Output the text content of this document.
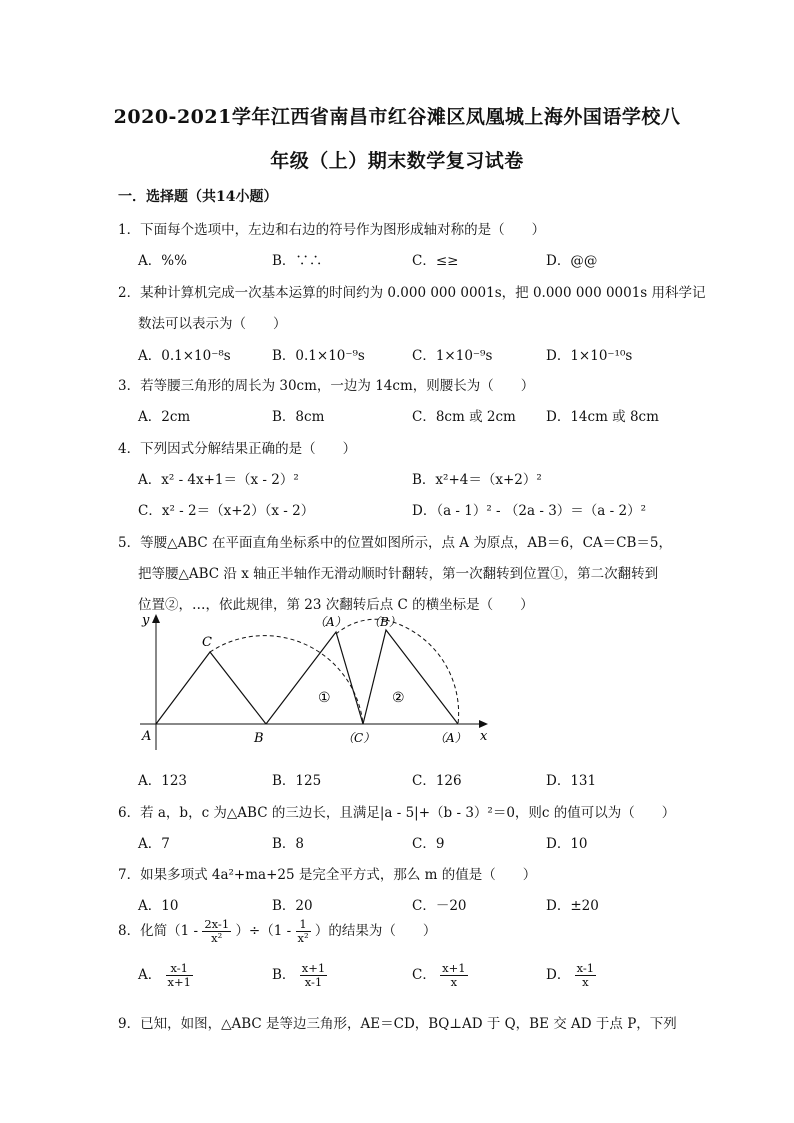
2020-2021学年江西省南昌市红谷滩区凤凰城上海外国语学校八
年级（上）期末数学复习试卷
一．选择题（共14小题）
1．下面每个选项中，左边和右边的符号作为图形成轴对称的是（　　）
A．%%	B．∵∴	C．≤≥	D．@@
2．某种计算机完成一次基本运算的时间约为 0.000 000 0001s，把 0.000 000 0001s 用科学记
数法可以表示为（　　）
A．0.1×10⁻⁸s	B．0.1×10⁻⁹s	C．1×10⁻⁹s	D．1×10⁻¹⁰s
3．若等腰三角形的周长为 30cm，一边为 14cm，则腰长为（　　）
A．2cm	B．8cm	C．8cm 或 2cm D．14cm 或 8cm
4．下列因式分解结果正确的是（　　）
A．x² - 4x+1＝（x - 2）²	B．x²+4＝（x+2）²
C．x² - 2＝（x+2）（x - 2）	D．（a - 1）² - （2a - 3）＝（a - 2）²
5．等腰△ABC 在平面直角坐标系中的位置如图所示，点 A 为原点，AB＝6，CA＝CB＝5，
把等腰△ABC 沿 x 轴正半轴作无滑动顺时针翻转，第一次翻转到位置①，第二次翻转到
位置②，…，依此规律，第 23 次翻转后点 C 的横坐标是（　　）
y
x
C
A	B
（A） （B）
（C）	（A）
①	②
A．123	B．125	C．126	D．131
6．若 a，b，c 为△ABC 的三边长，且满足|a - 5|+（b - 3）²＝0，则c 的值可以为（　　）
A．7	B．8	C．9	D．10
7．如果多项式 4a²+ma+25 是完全平方式，那么 m 的值是（　　）
A．10	B．20	C．－20	D．±20
8．化简$(1 - \frac{2x-1}{\text{x²}} )\div(1 - \frac{1}{\text{x²}}$ ）的结果为（　　）
A． $\frac{x-1}{x+1}$	B． $\frac{x+1}{x-1}$	C． $\frac{x+1}{x}$	D． $\frac{x-1}{x}$
9．已知，如图，△ABC 是等边三角形，AE＝CD，BQ⊥AD 于 Q，BE 交 AD 于点 P，下列
